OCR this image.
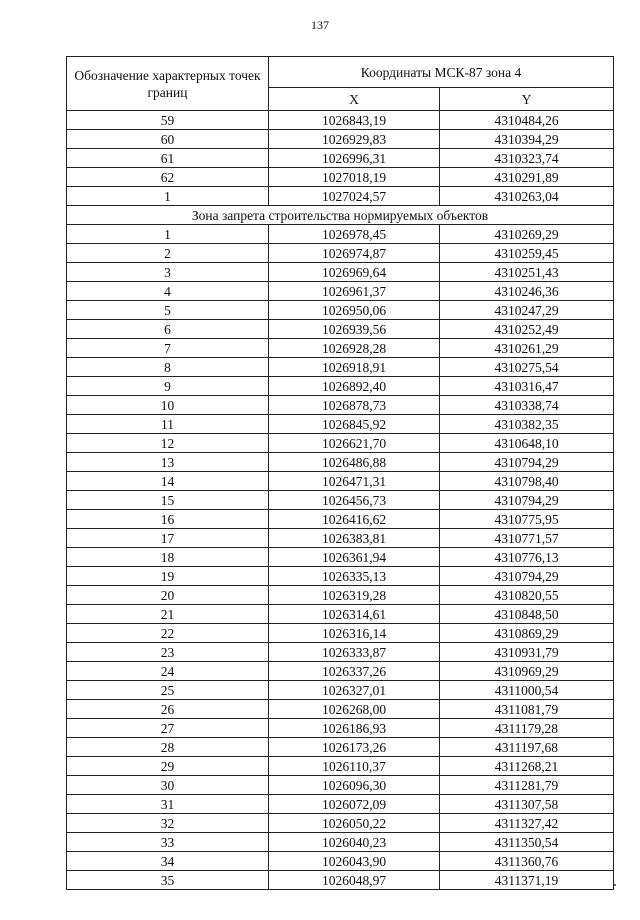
137
Обозначение характерных точек границ	Координаты МСК-87 зона 4	
	X	Y
59	1026843,19	4310484,26
60	1026929,83	4310394,29
61	1026996,31	4310323,74
62	1027018,19	4310291,89
1	1027024,57	4310263,04
Зона запрета строительства нормируемых объектов		
1	1026978,45	4310269,29
2	1026974,87	4310259,45
3	1026969,64	4310251,43
4	1026961,37	4310246,36
5	1026950,06	4310247,29
6	1026939,56	4310252,49
7	1026928,28	4310261,29
8	1026918,91	4310275,54
9	1026892,40	4310316,47
10	1026878,73	4310338,74
11	1026845,92	4310382,35
12	1026621,70	4310648,10
13	1026486,88	4310794,29
14	1026471,31	4310798,40
15	1026456,73	4310794,29
16	1026416,62	4310775,95
17	1026383,81	4310771,57
18	1026361,94	4310776,13
19	1026335,13	4310794,29
20	1026319,28	4310820,55
21	1026314,61	4310848,50
22	1026316,14	4310869,29
23	1026333,87	4310931,79
24	1026337,26	4310969,29
25	1026327,01	4311000,54
26	1026268,00	4311081,79
27	1026186,93	4311179,28
28	1026173,26	4311197,68
29	1026110,37	4311268,21
30	1026096,30	4311281,79
31	1026072,09	4311307,58
32	1026050,22	4311327,42
33	1026040,23	4311350,54
34	1026043,90	4311360,76
35	1026048,97	4311371,19
